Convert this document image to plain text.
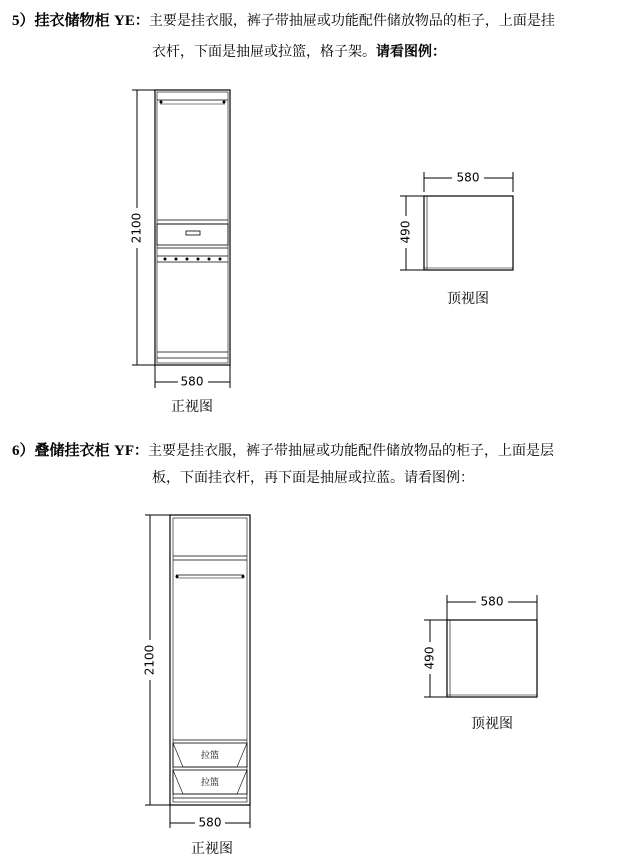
5）挂衣储物柜 YE：主要是挂衣服，裤子带抽屉或功能配件储放物品的柜子，上面是挂
衣杆，下面是抽屉或拉篮，格子架。请看图例：
6）叠储挂衣柜 YF：主要是挂衣服，裤子带抽屉或功能配件储放物品的柜子，上面是层
板，下面挂衣杆，再下面是抽屉或拉蓝。请看图例：
2100
580
正视图
580
490
顶视图
2100
拉篮
拉篮
580
正视图
580
490
顶视图
